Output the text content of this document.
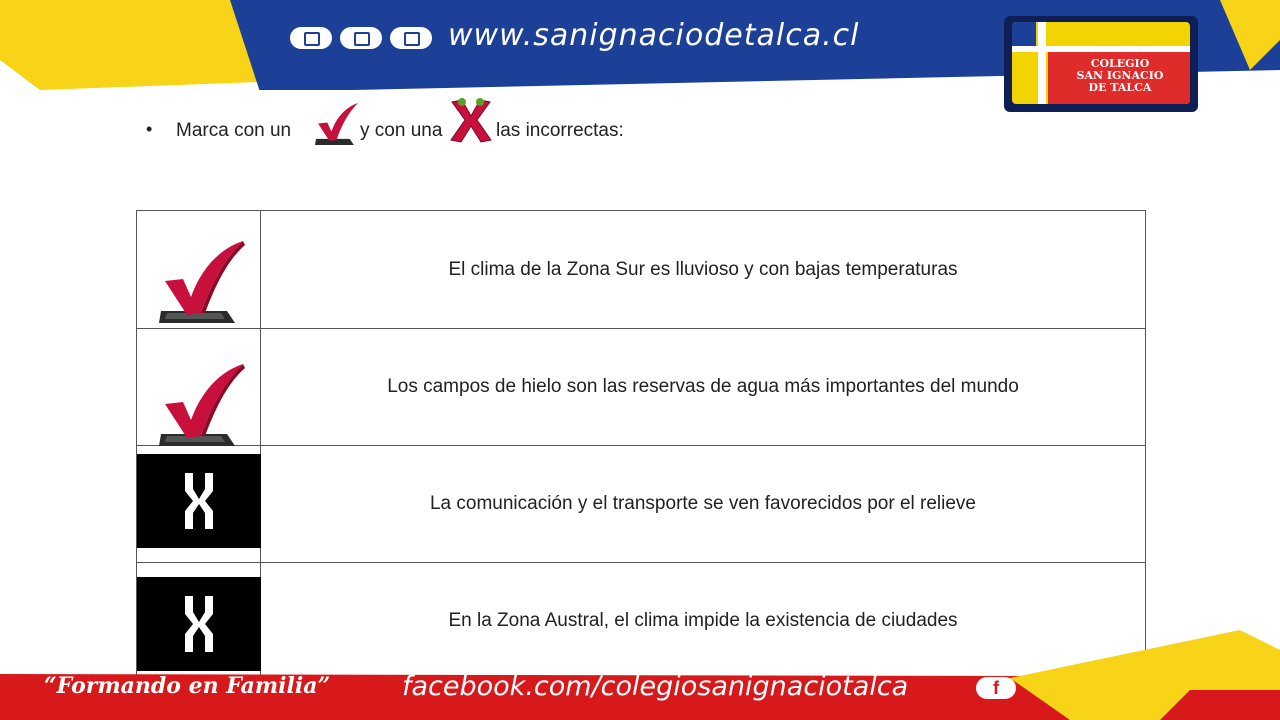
www.sanignaciodetalca.cl
COLEGIO
SAN IGNACIO
DE TALCA
• Marca con un	y con una	las incorrectas:
El clima de la Zona Sur es lluvioso y con bajas temperaturas
Los campos de hielo son las reservas de agua más importantes del mundo
La comunicación y el transporte se ven favorecidos por el relieve
En la Zona Austral, el clima impide la existencia de ciudades
“Formando en Familia”	facebook.com/colegiosanignaciotalca	f
